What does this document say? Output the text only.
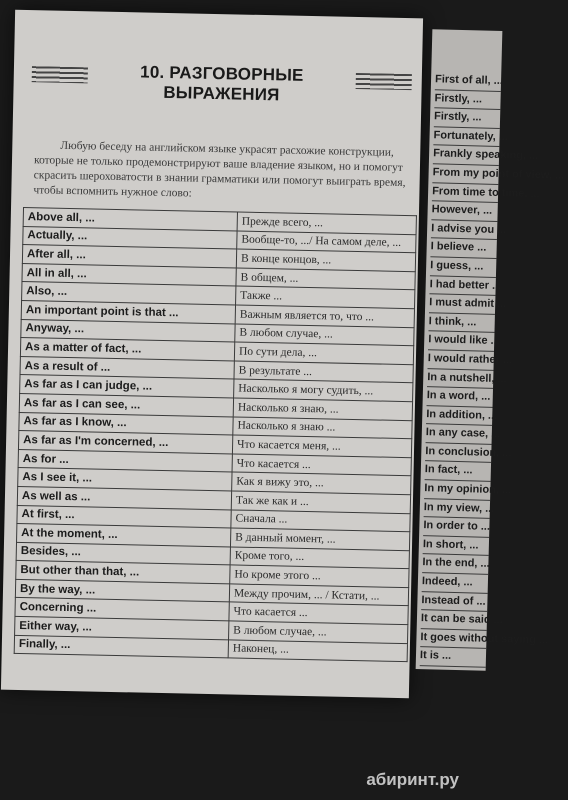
10. РАЗГОВОРНЫЕ ВЫРАЖЕНИЯ
Любую беседу на английском языке украсят расхожие конструкции, которые не только продемонстрируют ваше владение языком, но и помогут скрасить шероховатости в знании грамматики или помогут выиграть время, чтобы вспомнить нужное слово:
Above all, ...	Прежде всего, ...
Actually, ...	Вообще-то, .../ На самом деле, ...
After all, ...	В конце концов, ...
All in all, ...	В общем, ...
Also, ...	Также ...
An important point is that ...	Важным является то, что ...
Anyway, ...	В любом случае, ...
As a matter of fact, ...	По сути дела, ...
As a result of ...	В результате ...
As far as I can judge, ...	Насколько я могу судить, ...
As far as I can see, ...	Насколько я знаю, ...
As far as I know, ...	Насколько я знаю ...
As far as I'm concerned, ...	Что касается меня, ...
As for ...	Что касается ...
As I see it, ...	Как я вижу это, ...
As well as ...	Так же как и ...
At first, ...	Сначала ...
At the moment, ...	В данный момент, ...
Besides, ...	Кроме того, ...
But other than that, ...	Но кроме этого ...
By the way, ...	Между прочим, ... / Кстати, ...
Concerning ...	Что касается ...
Either way, ...	В любом случае, ...
Finally, ...	Наконец, ...
First of all, ...
Firstly, ...
Firstly, ...
Fortunately, ...
Frankly speaking, ...
From my point of view, ...
From time to time, ...
However, ...
I advise you ...
I believe ...
I guess, ...
I had better ...
I must admit ...
I think, ...
I would like ...
I would rather ...
In a nutshell, ...
In a word, ...
In addition, ...
In any case, ...
In conclusion, ...
In fact, ...
In my opinion, ...
In my view, ...
In order to ...
In short, ...
In the end, ...
Indeed, ...
Instead of ...
It can be said ...
It goes without saying ...
It is ...
абиринт.ру
